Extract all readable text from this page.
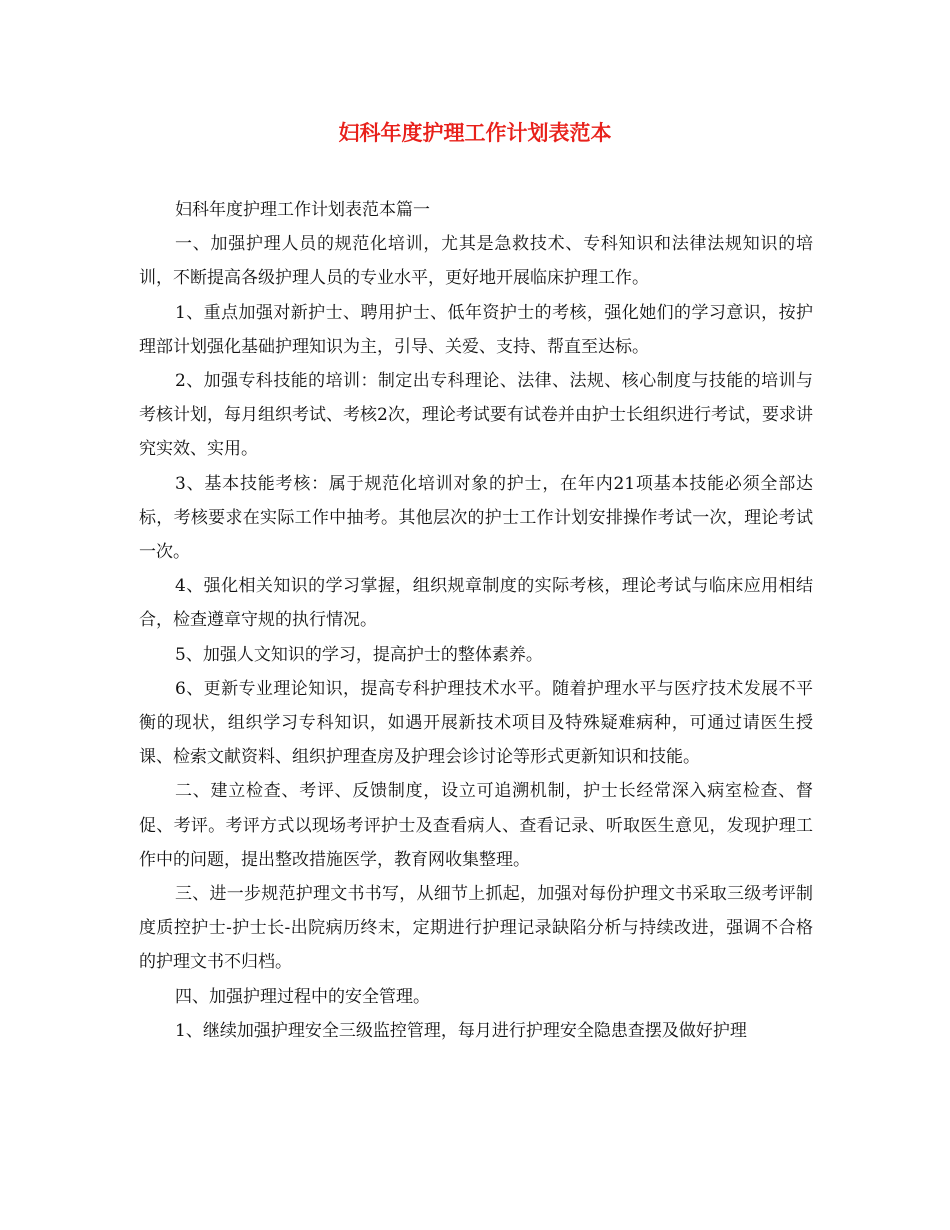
妇科年度护理工作计划表范本

妇科年度护理工作计划表范本篇一

一、加强护理人员的规范化培训，尤其是急救技术、专科知识和法律法规知识的培训，不断提高各级护理人员的专业水平，更好地开展临床护理工作。

1、重点加强对新护士、聘用护士、低年资护士的考核，强化她们的学习意识，按护理部计划强化基础护理知识为主，引导、关爱、支持、帮直至达标。

2、加强专科技能的培训：制定出专科理论、法律、法规、核心制度与技能的培训与考核计划，每月组织考试、考核2次，理论考试要有试卷并由护士长组织进行考试，要求讲究实效、实用。

3、基本技能考核：属于规范化培训对象的护士，在年内21项基本技能必须全部达标，考核要求在实际工作中抽考。其他层次的护士工作计划安排操作考试一次，理论考试一次。

4、强化相关知识的学习掌握，组织规章制度的实际考核，理论考试与临床应用相结合，检查遵章守规的执行情况。

5、加强人文知识的学习，提高护士的整体素养。

6、更新专业理论知识，提高专科护理技术水平。随着护理水平与医疗技术发展不平衡的现状，组织学习专科知识，如遇开展新技术项目及特殊疑难病种，可通过请医生授课、检索文献资料、组织护理查房及护理会诊讨论等形式更新知识和技能。

二、建立检查、考评、反馈制度，设立可追溯机制，护士长经常深入病室检查、督促、考评。考评方式以现场考评护士及查看病人、查看记录、听取医生意见，发现护理工作中的问题，提出整改措施医学，教育网收集整理。

三、进一步规范护理文书书写，从细节上抓起，加强对每份护理文书采取三级考评制度质控护士-护士长-出院病历终末，定期进行护理记录缺陷分析与持续改进，强调不合格的护理文书不归档。

四、加强护理过程中的安全管理。

1、继续加强护理安全三级监控管理，每月进行护理安全隐患查摆及做好护理
